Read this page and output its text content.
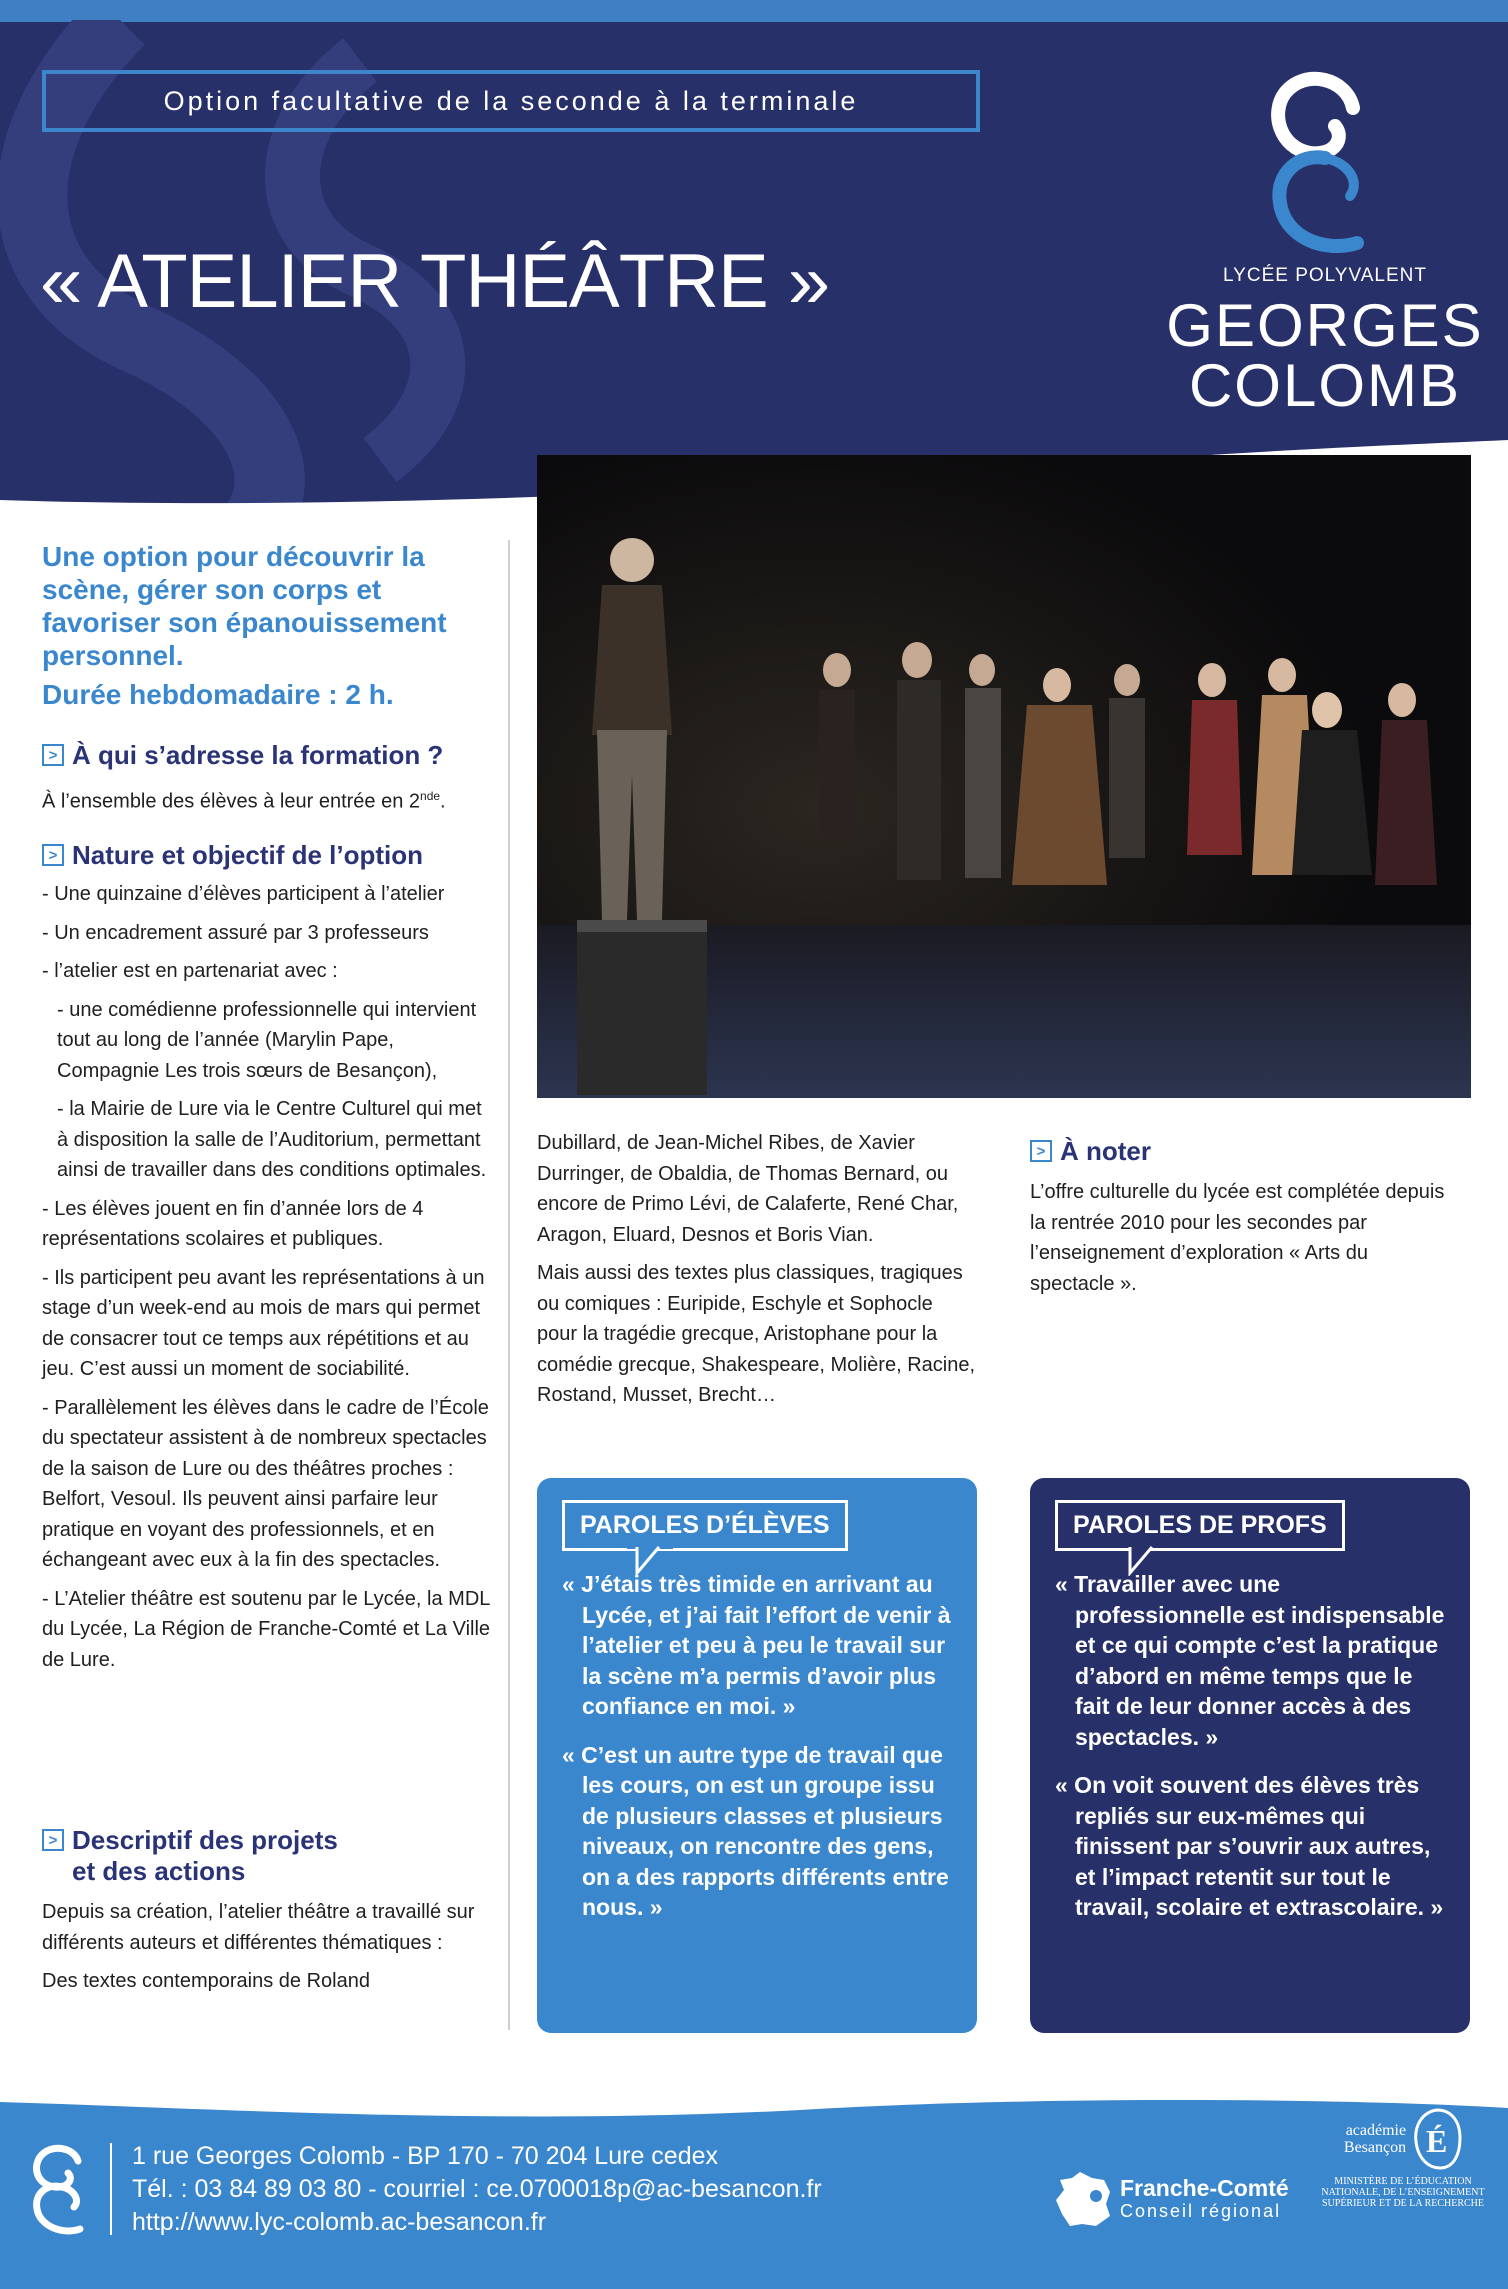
Option facultative de la seconde à la terminale
« ATELIER THÉÂTRE »	LYCÉE POLYVALENT
GEORGES
COLOMB
Une option pour découvrir la scène, gérer son corps et favoriser son épanouissement personnel.
Durée hebdomadaire : 2 h.
> À qui s’adresse la formation ?
À l’ensemble des élèves à leur entrée en 2nde.
> Nature et objectif de l’option

- Une quinzaine d’élèves participent à l’atelier

- Un encadrement assuré par 3 professeurs

- l’atelier est en partenariat avec :

- une comédienne professionnelle qui intervient tout au long de l’année (Marylin Pape, Compagnie Les trois sœurs de Besançon),

- la Mairie de Lure via le Centre Culturel qui met à disposition la salle de l’Auditorium, permettant ainsi de travailler dans des conditions optimales.

- Les élèves jouent en fin d’année lors de 4 représentations scolaires et publiques.

- Ils participent peu avant les représentations à un stage d’un week-end au mois de mars qui permet de consacrer tout ce temps aux répétitions et au jeu. C’est aussi un moment de sociabilité.

- Parallèlement les élèves dans le cadre de l’École du spectateur assistent à de nombreux spectacles de la saison de Lure ou des théâtres proches : Belfort, Vesoul. Ils peuvent ainsi parfaire leur pratique en voyant des professionnels, et en échangeant avec eux à la fin des spectacles.

- L’Atelier théâtre est soutenu par le Lycée, la MDL du Lycée, La Région de Franche-Comté et La Ville de Lure.

> Descriptif des projets
et des actions

Depuis sa création, l’atelier théâtre a travaillé sur différents auteurs et différentes thématiques :

Des textes contemporains de Roland

Dubillard, de Jean-Michel Ribes, de Xavier Durringer, de Obaldia, de Thomas Bernard, ou encore de Primo Lévi, de Calaferte, René Char, Aragon, Eluard, Desnos et Boris Vian.

Mais aussi des textes plus classiques, tragiques ou comiques : Euripide, Eschyle et Sophocle pour la tragédie grecque, Aristophane pour la comédie grecque, Shakespeare, Molière, Racine, Rostand, Musset, Brecht…

> À noter
L’offre culturelle du lycée est complétée depuis la rentrée 2010 pour les secondes par l’enseignement d’exploration « Arts du spectacle ».
PAROLES D’ÉLÈVES
« J’étais très timide en arrivant au Lycée, et j’ai fait l’effort de venir à l’atelier et peu à peu le travail sur la scène m’a permis d’avoir plus confiance en moi. »
« C’est un autre type de travail que les cours, on est un groupe issu de plusieurs classes et plusieurs niveaux, on rencontre des gens, on a des rapports différents entre nous. »
PAROLES DE PROFS
« Travailler avec une professionnelle est indispensable et ce qui compte c’est la pratique d’abord en même temps que le fait de leur donner accès à des spectacles. »
« On voit souvent des élèves très repliés sur eux-mêmes qui finissent par s’ouvrir aux autres, et l’impact retentit sur tout le travail, scolaire et extrascolaire. »
1 rue Georges Colomb - BP 170 - 70 204 Lure cedex
Tél. : 03 84 89 03 80 - courriel : ce.0700018p@ac-besancon.fr
http://www.lyc-colomb.ac-besancon.fr
Franche-Comté
Conseil régional
académie
Besançon É
MINISTÈRE DE L’ÉDUCATION NATIONALE, DE L’ENSEIGNEMENT SUPÉRIEUR ET DE LA RECHERCHE
